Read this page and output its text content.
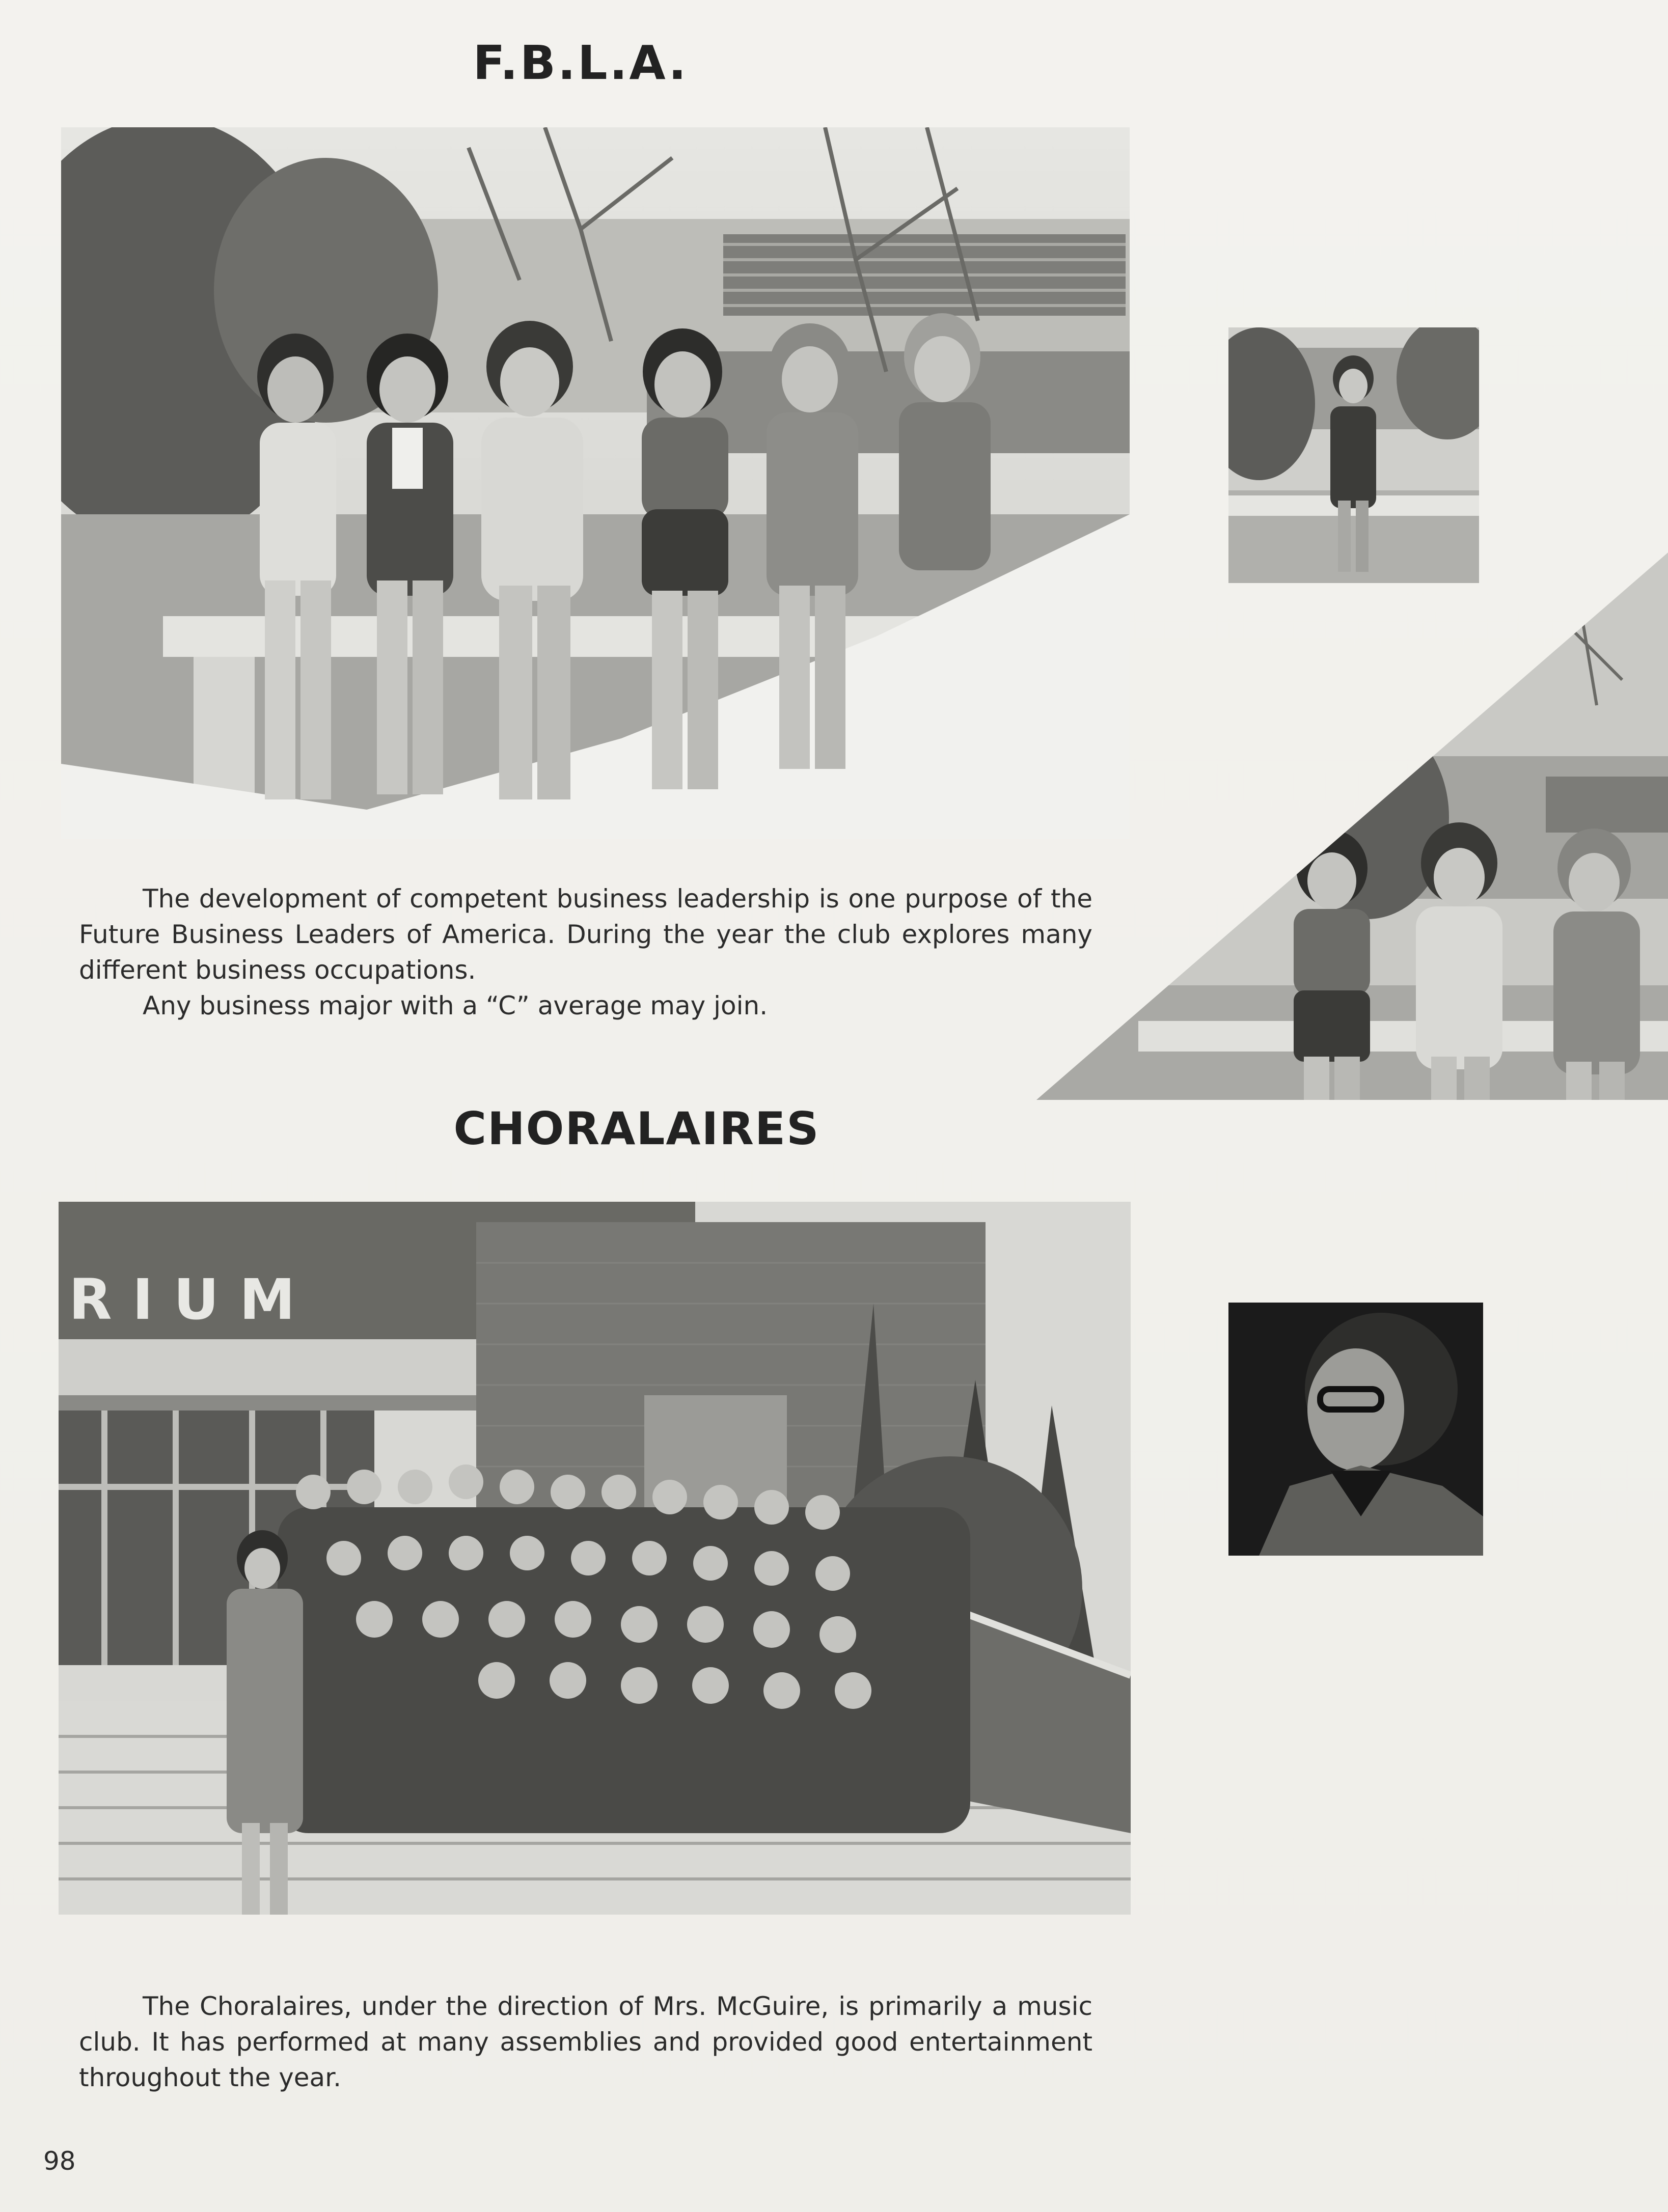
F.B.L.A.

The development of competent business leadership is one purpose of the Future Business Leaders of America. During the year the club explores many different business occupations.
Any business major with a “C” average may join.

CHORALAIRES
RIUM

The Choralaires, under the direction of Mrs. McGuire, is primarily a music club. It has performed at many assemblies and provided good entertainment throughout the year.

98
